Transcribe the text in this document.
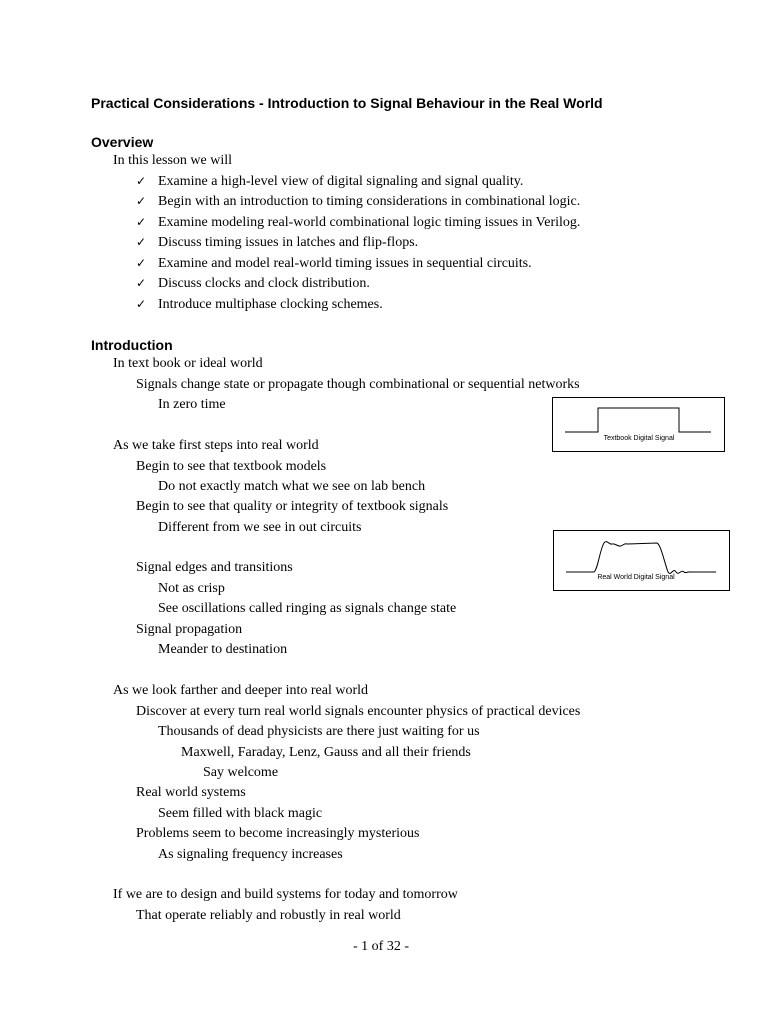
Practical Considerations - Introduction to Signal Behaviour in the Real World
Overview
In this lesson we will
✓ Examine a high-level view of digital signaling and signal quality.
✓ Begin with an introduction to timing considerations in combinational logic.
✓ Examine modeling real-world combinational logic timing issues in Verilog.
✓ Discuss timing issues in latches and flip-flops.
✓ Examine and model real-world timing issues in sequential circuits.
✓ Discuss clocks and clock distribution.
✓ Introduce multiphase clocking schemes.
Introduction
In text book or ideal world
Signals change state or propagate though combinational or sequential networks
In zero time
As we take first steps into real world
Begin to see that textbook models
Do not exactly match what we see on lab bench
Begin to see that quality or integrity of textbook signals
Different from we see in out circuits
Signal edges and transitions
Not as crisp
See oscillations called ringing as signals change state
Signal propagation
Meander to destination
As we look farther and deeper into real world
Discover at every turn real world signals encounter physics of practical devices
Thousands of dead physicists are there just waiting for us
Maxwell, Faraday, Lenz, Gauss and all their friends
Say welcome
Real world systems
Seem filled with black magic
Problems seem to become increasingly mysterious
As signaling frequency increases
If we are to design and build systems for today and tomorrow
That operate reliably and robustly in real world
Textbook Digital Signal
Real World Digital Signal
- 1 of 32 -
